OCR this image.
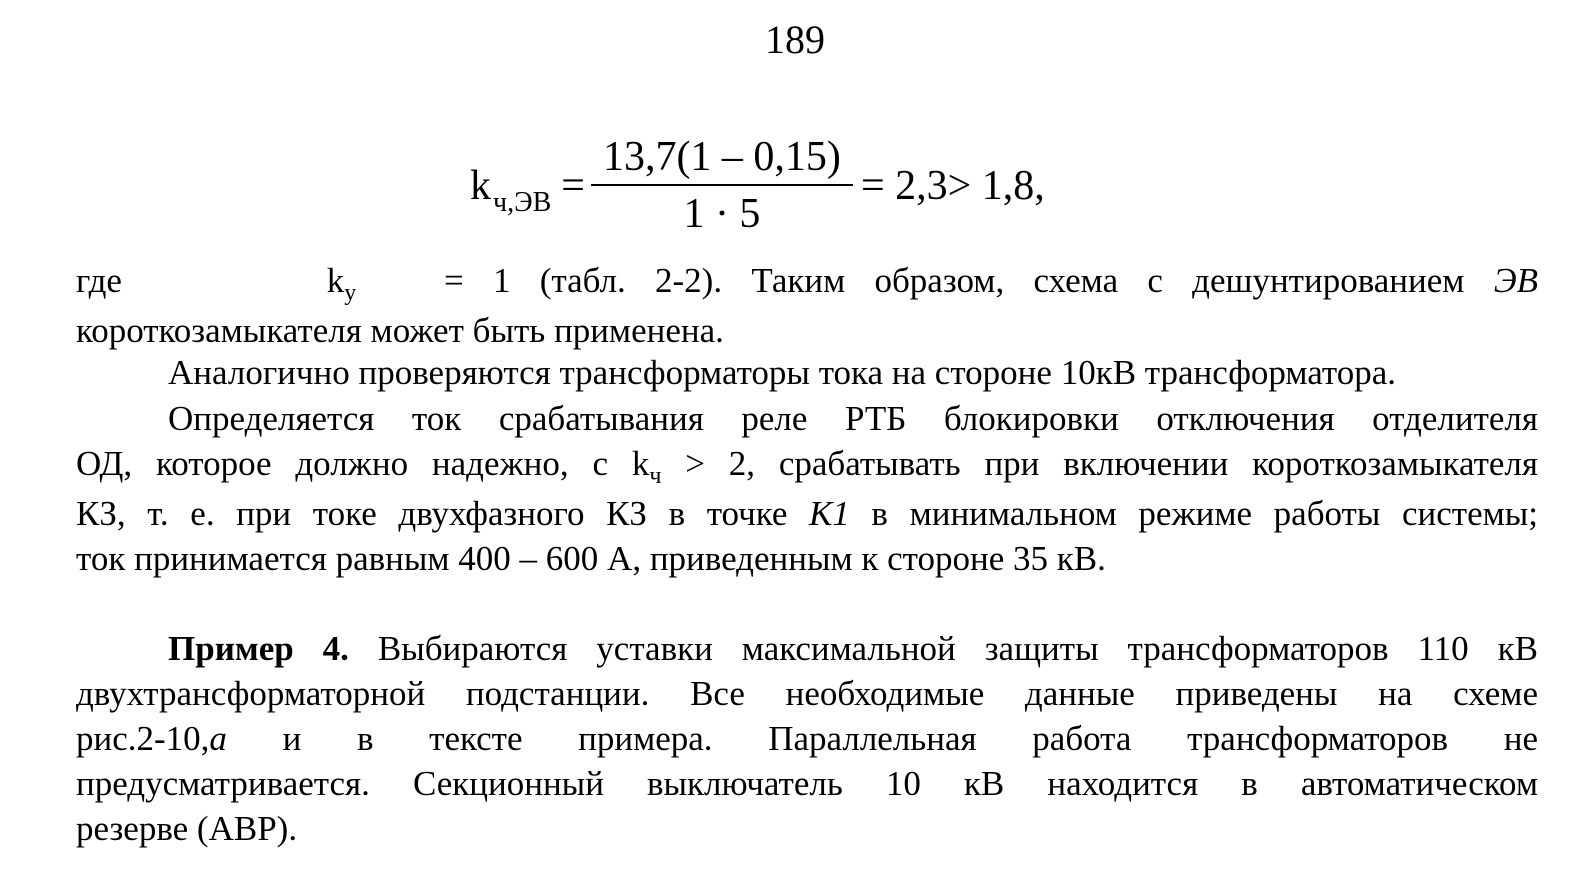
189
k $ч,ЭВ = \frac{13,7(1 - 0,15)}{1 \cdot 5} = 2,3> 1,8$,
где	$k_у$	= 1 (табл. 2-2). Таким образом, схема с дешунтированием ЭВ
короткозамыкателя может быть применена.
Аналогично проверяются трансформаторы тока на стороне 10кВ трансформатора.
Определяется ток срабатывания реле РТБ блокировки отключения отделителя
ОД, которое должно надежно, с $k_ч > 2$, срабатывать при включении короткозамыкателя
КЗ, т. е. при токе двухфазного КЗ в точке К1 в минимальном режиме работы системы;
ток принимается равным 400 – 600 А, приведенным к стороне 35 кВ.
Пример 4. Выбираются уставки максимальной защиты трансформаторов 110 кВ
двухтрансформаторной подстанции. Все необходимые данные приведены на схеме
рис.2-10,а и в тексте примера. Параллельная работа трансформаторов не
предусматривается. Секционный выключатель 10 кВ находится в автоматическом
резерве (АВР).
